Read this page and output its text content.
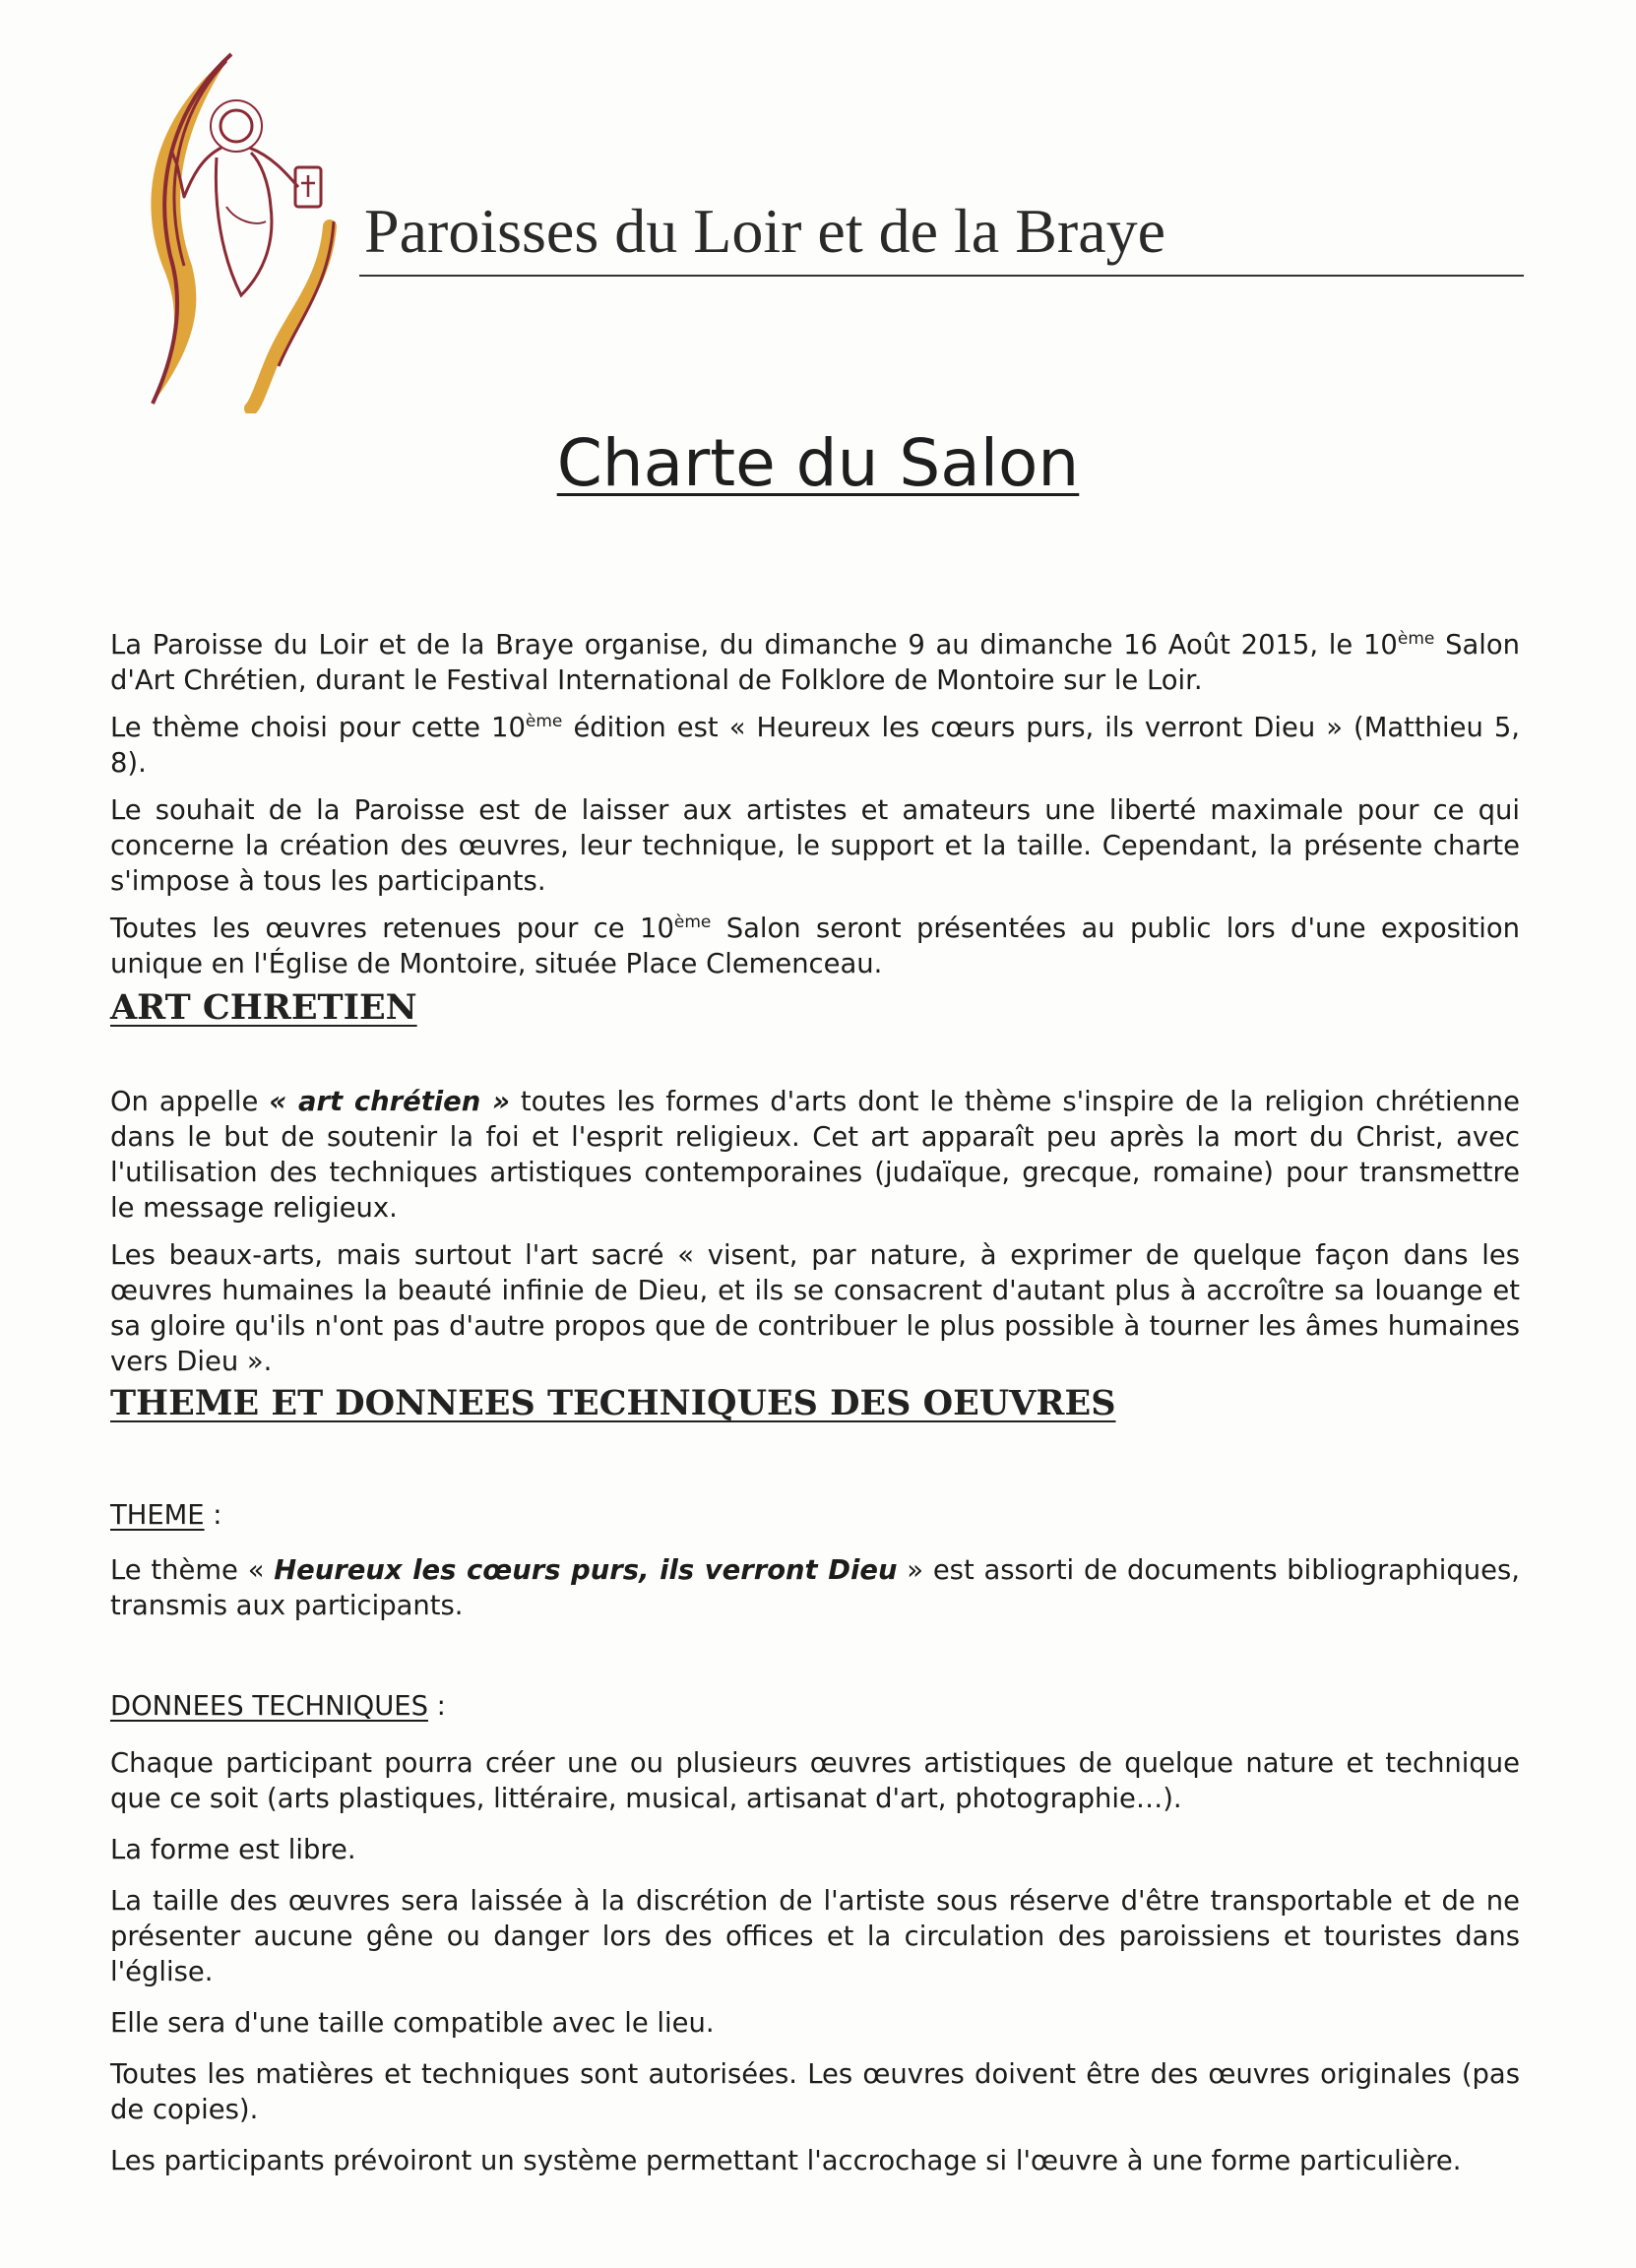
Paroisses du Loir et de la Braye
Charte du Salon

La Paroisse du Loir et de la Braye organise, du dimanche 9 au dimanche 16 Août 2015, le 10ème Salon d'Art Chrétien, durant le Festival International de Folklore de Montoire sur le Loir.

Le thème choisi pour cette 10ème édition est « Heureux les cœurs purs, ils verront Dieu » (Matthieu 5, 8).

Le souhait de la Paroisse est de laisser aux artistes et amateurs une liberté maximale pour ce qui concerne la création des œuvres, leur technique, le support et la taille. Cependant, la présente charte s'impose à tous les participants.

Toutes les œuvres retenues pour ce 10ème Salon seront présentées au public lors d'une exposition unique en l'Église de Montoire, située Place Clemenceau.

ART CHRETIEN

On appelle « art chrétien » toutes les formes d'arts dont le thème s'inspire de la religion chrétienne dans le but de soutenir la foi et l'esprit religieux. Cet art apparaît peu après la mort du Christ, avec l'utilisation des techniques artistiques contemporaines (judaïque, grecque, romaine) pour transmettre le message religieux.

Les beaux-arts, mais surtout l'art sacré « visent, par nature, à exprimer de quelque façon dans les œuvres humaines la beauté infinie de Dieu, et ils se consacrent d'autant plus à accroître sa louange et sa gloire qu'ils n'ont pas d'autre propos que de contribuer le plus possible à tourner les âmes humaines vers Dieu ».

THEME ET DONNEES TECHNIQUES DES OEUVRES

THEME :

Le thème « Heureux les cœurs purs, ils verront Dieu » est assorti de documents bibliographiques, transmis aux participants.

DONNEES TECHNIQUES :

Chaque participant pourra créer une ou plusieurs œuvres artistiques de quelque nature et technique que ce soit (arts plastiques, littéraire, musical, artisanat d'art, photographie…).

La forme est libre.

La taille des œuvres sera laissée à la discrétion de l'artiste sous réserve d'être transportable et de ne présenter aucune gêne ou danger lors des offices et la circulation des paroissiens et touristes dans l'église.

Elle sera d'une taille compatible avec le lieu.

Toutes les matières et techniques sont autorisées. Les œuvres doivent être des œuvres originales (pas de copies).

Les participants prévoiront un système permettant l'accrochage si l'œuvre à une forme particulière.
